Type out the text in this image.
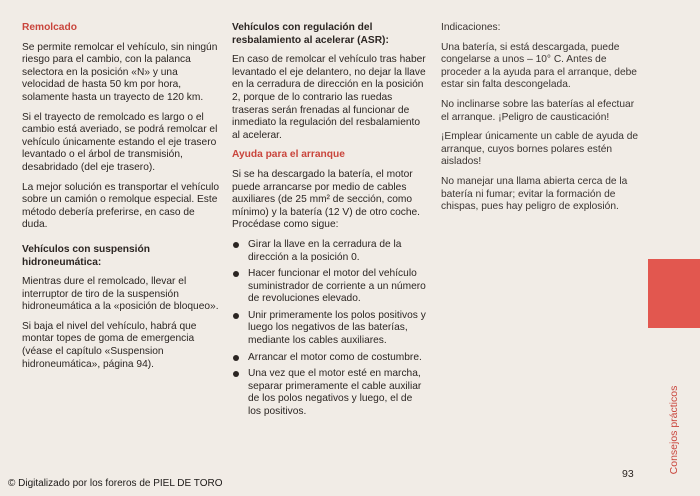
Remolcado

Se permite remolcar el vehículo, sin ningún riesgo para el cambio, con la palanca selectora en la posición «N» y una velocidad de hasta 50 km por hora, solamente hasta un trayecto de 120 km.

Si el trayecto de remolcado es largo o el cambio está averiado, se podrá remolcar el vehículo únicamente estando el eje trasero levantado o el árbol de transmisión, desabridado (del eje trasero).

La mejor solución es transportar el vehículo sobre un camión o remolque especial. Este método debería preferirse, en caso de duda.

Vehículos con suspensión hidroneumática:

Mientras dure el remolcado, llevar el interruptor de tiro de la suspensión hidroneumática a la «posición de bloqueo».

Si baja el nivel del vehículo, habrá que montar topes de goma de emergencia (véase el capítulo «Suspension hidroneumática», página 94).

Vehículos con regulación del resbalamiento al acelerar (ASR):

En caso de remolcar el vehículo tras haber levantado el eje delantero, no dejar la llave en la cerradura de dirección en la posición 2, porque de lo contrario las ruedas traseras serán frenadas al funcionar de inmediato la regulación del resbalamiento al acelerar.

Ayuda para el arranque

Si se ha descargado la batería, el motor puede arrancarse por medio de cables auxiliares (de 25 mm² de sección, como mínimo) y la batería (12 V) de otro coche. Procédase como sigue:

Girar la llave en la cerradura de la dirección a la posición 0.
Hacer funcionar el motor del vehículo suministrador de corriente a un número de revoluciones elevado.
Unir primeramente los polos positivos y luego los negativos de las baterías, mediante los cables auxiliares.
Arrancar el motor como de costumbre.
Una vez que el motor esté en marcha, separar primeramente el cable auxiliar de los polos negativos y luego, el de los positivos.

Indicaciones:

Una batería, si está descargada, puede congelarse a unos – 10° C. Antes de proceder a la ayuda para el arranque, debe estar sin falta descongelada.

No inclinarse sobre las baterías al efectuar el arranque. ¡Peligro de causticación!

¡Emplear únicamente un cable de ayuda de arranque, cuyos bornes polares estén aislados!

No manejar una llama abierta cerca de la batería ni fumar; evitar la formación de chispas, pues hay peligro de explosión.

Consejos prácticos
93
© Digitalizado por los foreros de PIEL DE TORO
